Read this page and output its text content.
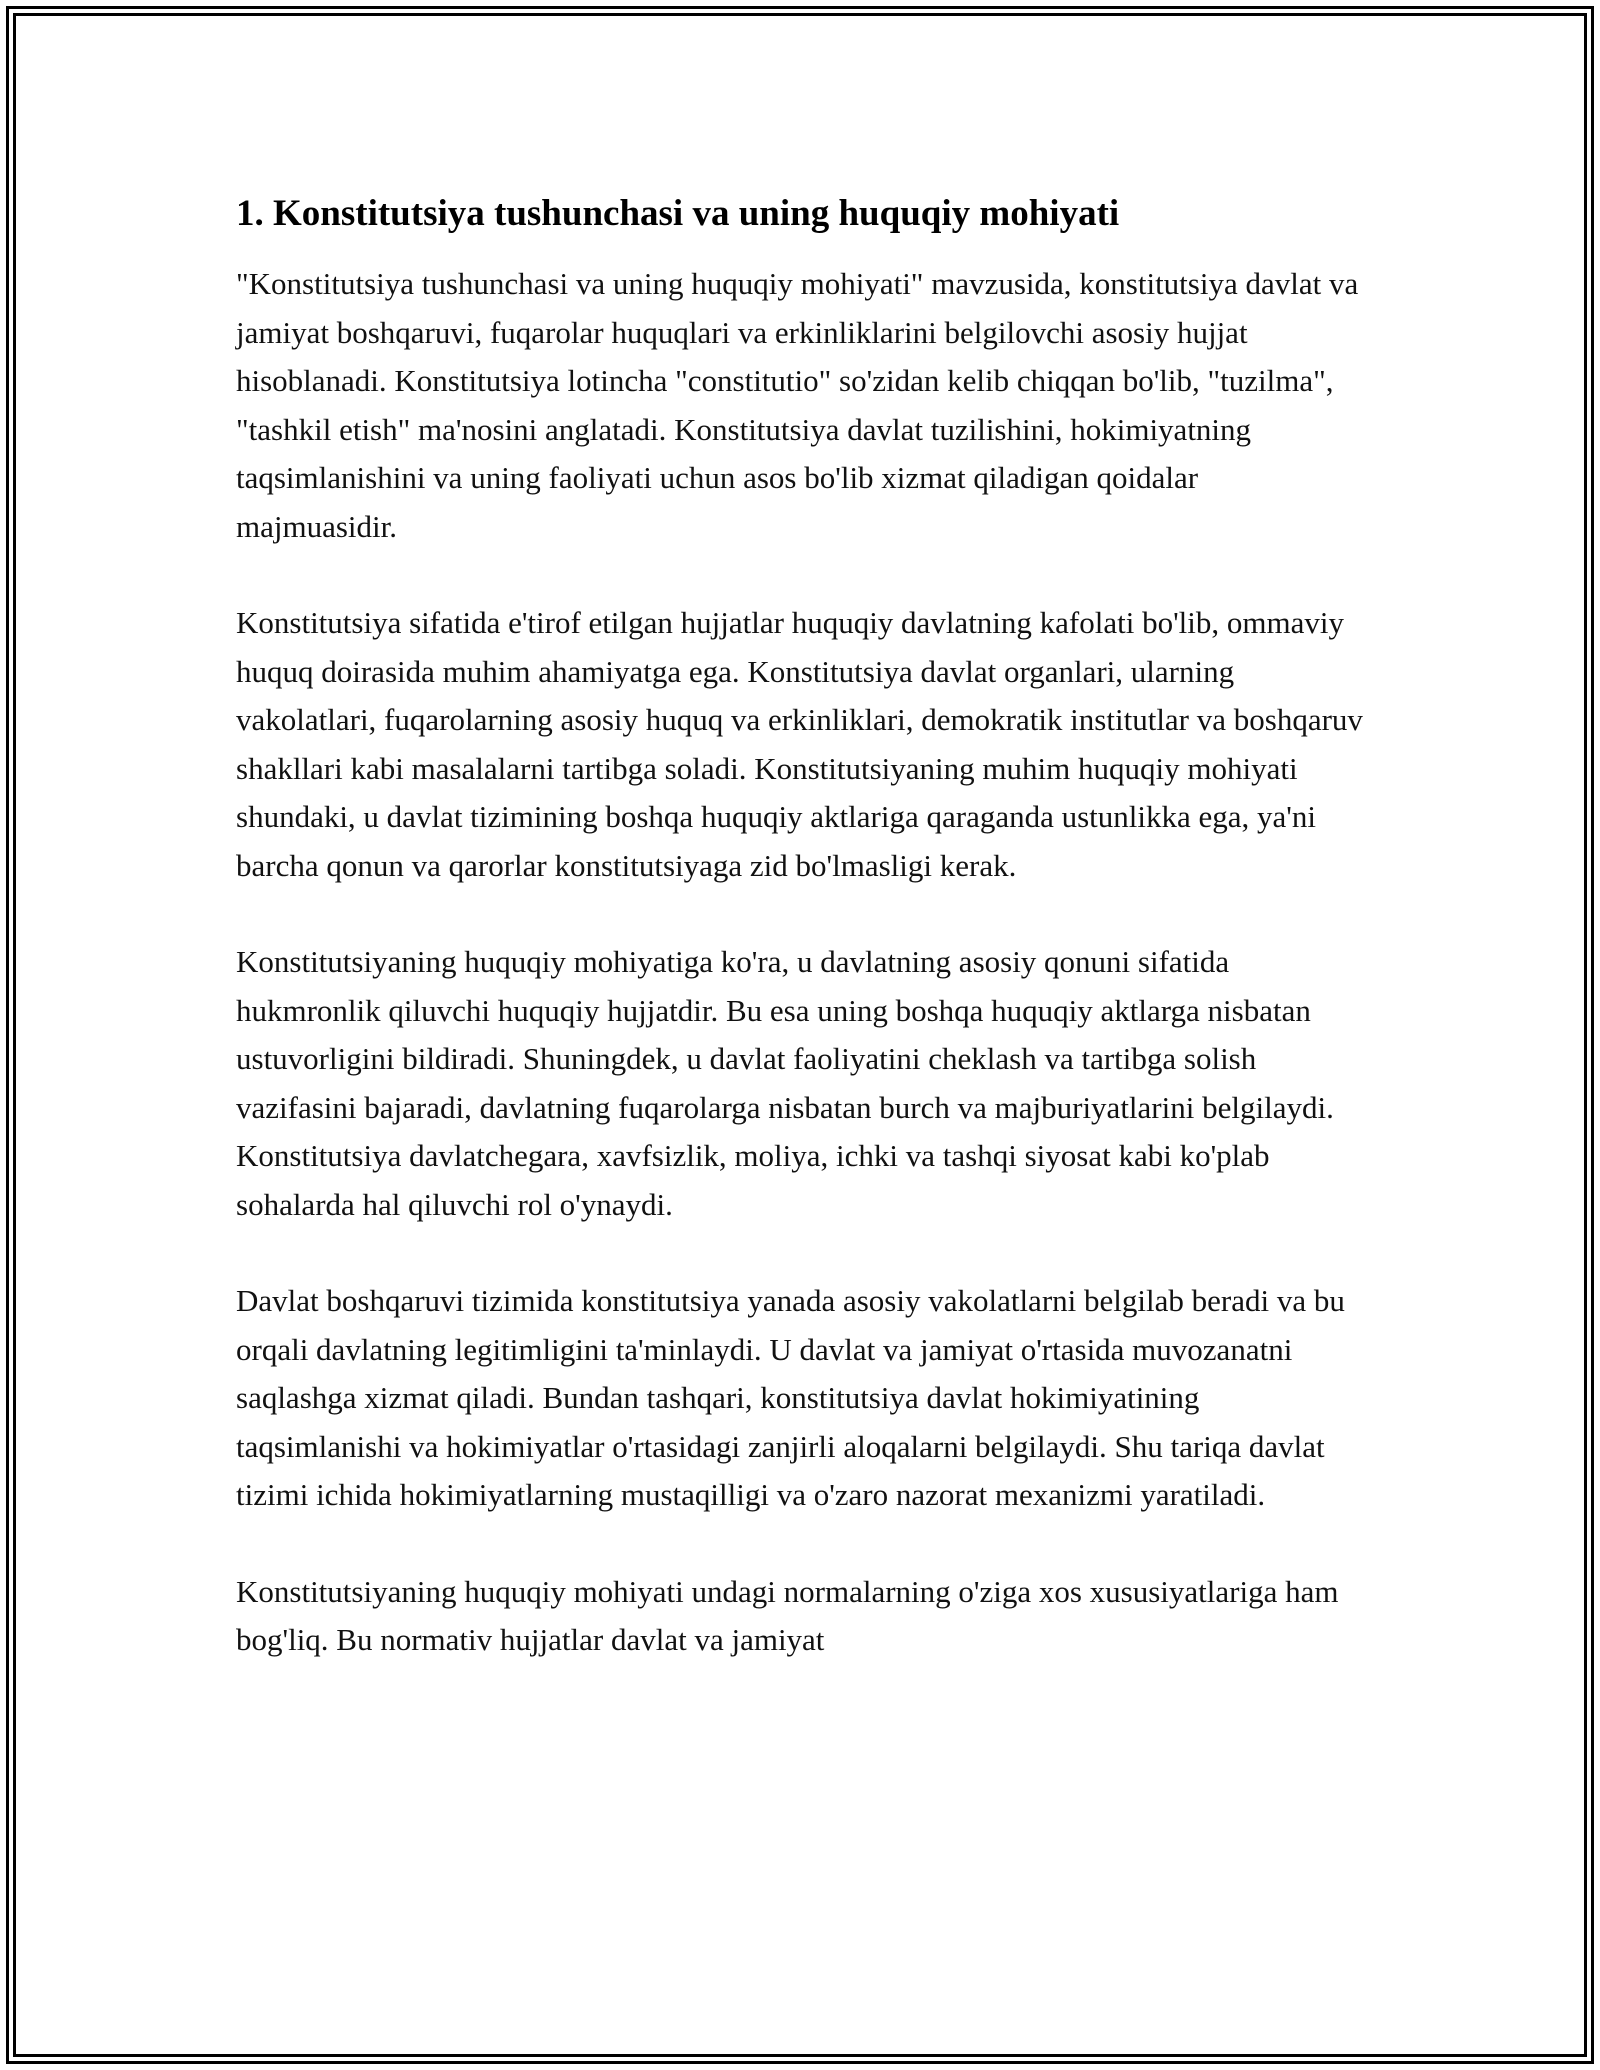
1. Konstitutsiya tushunchasi va uning huquqiy mohiyati

"Konstitutsiya tushunchasi va uning huquqiy mohiyati" mavzusida, konstitutsiya davlat va jamiyat boshqaruvi, fuqarolar huquqlari va erkinliklarini belgilovchi asosiy hujjat hisoblanadi. Konstitutsiya lotincha "constitutio" so'zidan kelib chiqqan bo'lib, "tuzilma", "tashkil etish" ma'nosini anglatadi. Konstitutsiya davlat tuzilishini, hokimiyatning taqsimlanishini va uning faoliyati uchun asos bo'lib xizmat qiladigan qoidalar majmuasidir.

Konstitutsiya sifatida e'tirof etilgan hujjatlar huquqiy davlatning kafolati bo'lib, ommaviy huquq doirasida muhim ahamiyatga ega. Konstitutsiya davlat organlari, ularning vakolatlari, fuqarolarning asosiy huquq va erkinliklari, demokratik institutlar va boshqaruv shakllari kabi masalalarni tartibga soladi. Konstitutsiyaning muhim huquqiy mohiyati shundaki, u davlat tizimining boshqa huquqiy aktlariga qaraganda ustunlikka ega, ya'ni barcha qonun va qarorlar konstitutsiyaga zid bo'lmasligi kerak.

Konstitutsiyaning huquqiy mohiyatiga ko'ra, u davlatning asosiy qonuni sifatida hukmronlik qiluvchi huquqiy hujjatdir. Bu esa uning boshqa huquqiy aktlarga nisbatan ustuvorligini bildiradi. Shuningdek, u davlat faoliyatini cheklash va tartibga solish vazifasini bajaradi, davlatning fuqarolarga nisbatan burch va majburiyatlarini belgilaydi. Konstitutsiya davlatchegara, xavfsizlik, moliya, ichki va tashqi siyosat kabi ko'plab sohalarda hal qiluvchi rol o'ynaydi.

Davlat boshqaruvi tizimida konstitutsiya yanada asosiy vakolatlarni belgilab beradi va bu orqali davlatning legitimligini ta'minlaydi. U davlat va jamiyat o'rtasida muvozanatni saqlashga xizmat qiladi. Bundan tashqari, konstitutsiya davlat hokimiyatining taqsimlanishi va hokimiyatlar o'rtasidagi zanjirli aloqalarni belgilaydi. Shu tariqa davlat tizimi ichida hokimiyatlarning mustaqilligi va o'zaro nazorat mexanizmi yaratiladi.

Konstitutsiyaning huquqiy mohiyati undagi normalarning o'ziga xos xususiyatlariga ham bog'liq. Bu normativ hujjatlar davlat va jamiyat
